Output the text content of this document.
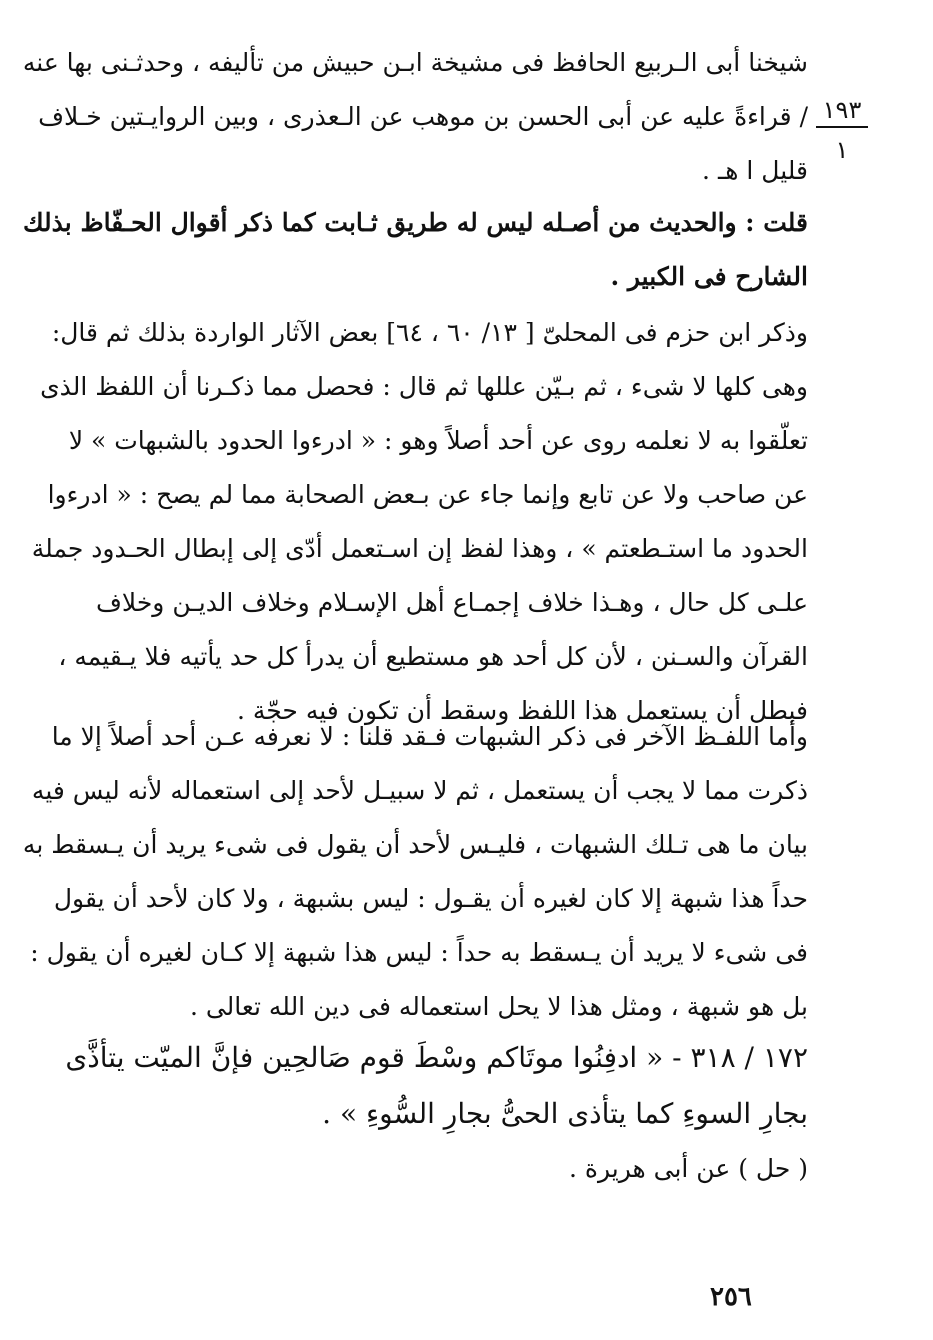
١٩٣
١
شيخنا أبى الـربيع الحافظ فى مشيخة ابـن حبيش من تأليفه ، وحدثـنى بها عنه
/ قراءةً عليه عن أبى الحسن بن موهب عن الـعذرى ، وبين الروايـتين خـلاف
قليل ا هـ .
قلت : والحديث من أصـله ليس له طريق ثـابت كما ذكر أقوال الحـفّاظ بذلك
الشارح فى الكبير .
وذكر ابن حزم فى المحلىّ [ ١٣/ ٦٠ ، ٦٤] بعض الآثار الواردة بذلك ثم قال:
وهى كلها لا شىء ، ثم بـيّن عللها ثم قال : فحصل مما ذكـرنا أن اللفظ الذى
تعلّقوا به لا نعلمه روى عن أحد أصلاً وهو : « ادرءوا الحدود بالشبهات » لا
عن صاحب ولا عن تابع وإنما جاء عن بـعض الصحابة مما لم يصح : « ادرءوا
الحدود ما استـطعتم » ، وهذا لفظ إن اسـتعمل أدّى إلى إبطال الحـدود جملة
علـى كل حال ، وهـذا خلاف إجمـاع أهل الإسـلام وخلاف الديـن وخلاف
القرآن والسـنن ، لأن كل أحد هو مستطيع أن يدرأ كل حد يأتيه فلا يـقيمه ،
فبطل أن يستعمل هذا اللفظ وسقط أن تكون فيه حجّة .
وأما اللفـظ الآخر فى ذكر الشبهات فـقد قلنا : لا نعرفه عـن أحد أصلاً إلا ما
ذكرت مما لا يجب أن يستعمل ، ثم لا سبيـل لأحد إلى استعماله لأنه ليس فيه
بيان ما هى تـلك الشبهات ، فليـس لأحد أن يقول فى شىء يريد أن يـسقط به
حداً هذا شبهة إلا كان لغيره أن يقـول : ليس بشبهة ، ولا كان لأحد أن يقول
فى شىء لا يريد أن يـسقط به حداً : ليس هذا شبهة إلا كـان لغيره أن يقول :
بل هو شبهة ، ومثل هذا لا يحل استعماله فى دين الله تعالى .
١٧٢ / ٣١٨ - « ادفِنُوا موتَاكم وسْطَ قوم صَالحِين فإنَّ الميّت يتأذَّى
بجارِ السوءِ كما يتأذى الحىُّ بجارِ السُّوءِ » .
( حل ) عن أبى هريرة .
٢٥٦
